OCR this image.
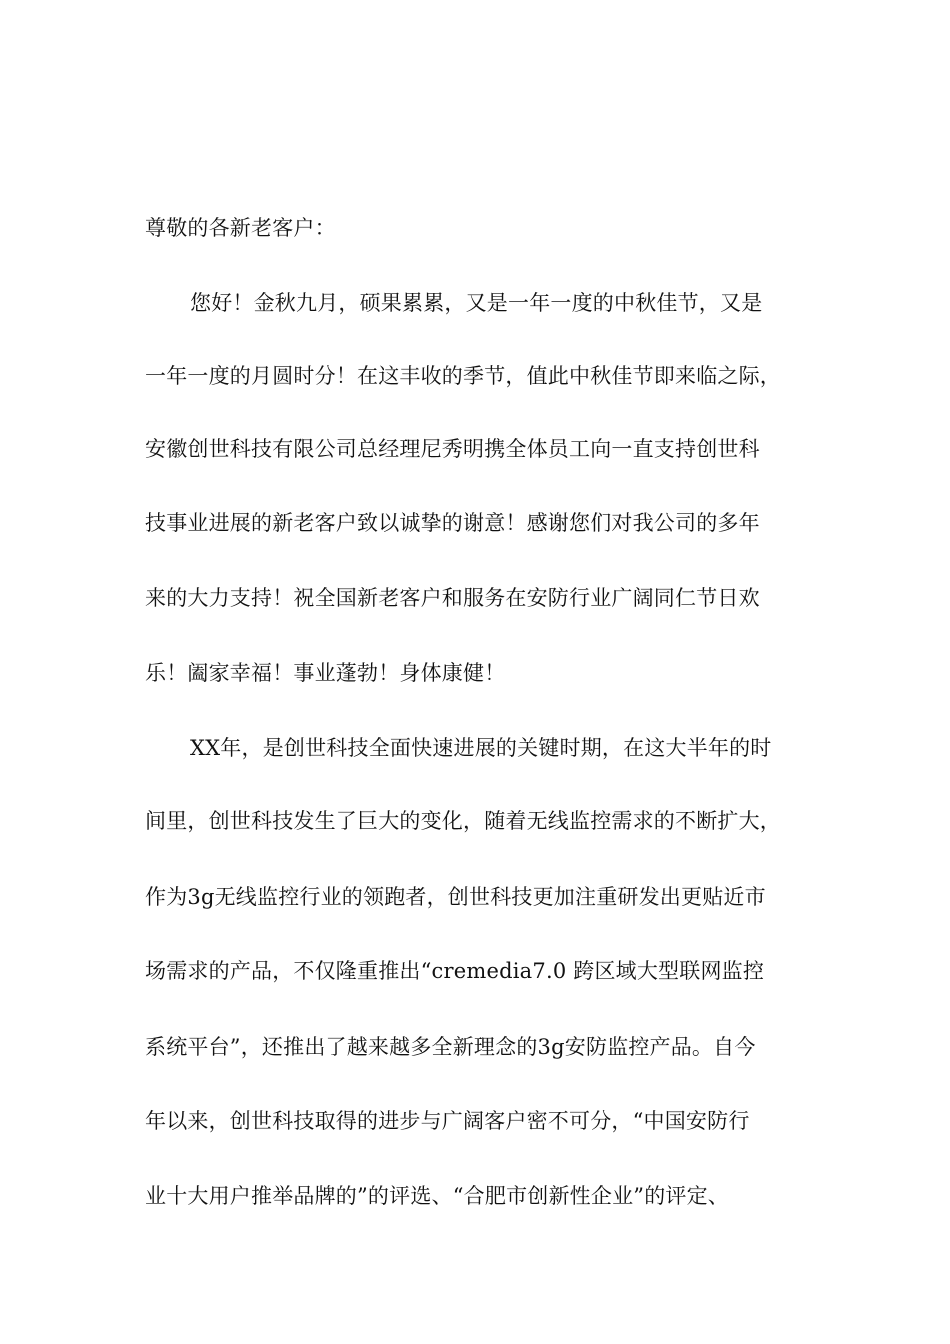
尊敬的各新老客户：
您好！金秋九月，硕果累累，又是一年一度的中秋佳节，又是
一年一度的月圆时分！在这丰收的季节，值此中秋佳节即来临之际，
安徽创世科技有限公司总经理尼秀明携全体员工向一直支持创世科
技事业进展的新老客户致以诚挚的谢意！感谢您们对我公司的多年
来的大力支持！祝全国新老客户和服务在安防行业广阔同仁节日欢
乐！阖家幸福！事业蓬勃！身体康健！
XX年，是创世科技全面快速进展的关键时期，在这大半年的时
间里，创世科技发生了巨大的变化，随着无线监控需求的不断扩大，
作为3g无线监控行业的领跑者，创世科技更加注重研发出更贴近市
场需求的产品，不仅隆重推出“cremedia7.0 跨区域大型联网监控
系统平台”，还推出了越来越多全新理念的3g安防监控产品。自今
年以来，创世科技取得的进步与广阔客户密不可分，“中国安防行
业十大用户推举品牌的”的评选、“合肥市创新性企业”的评定、
